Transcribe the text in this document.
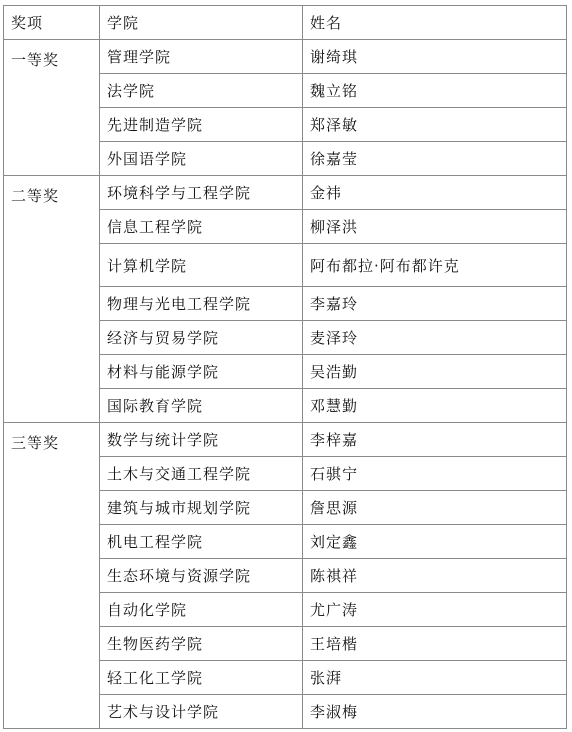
奖项	学院	姓名
一等奖	管理学院	谢绮琪
	法学院	魏立铭
	先进制造学院	郑泽敏
	外国语学院	徐嘉莹
二等奖	环境科学与工程学院	金祎
	信息工程学院	柳泽洪
	计算机学院	阿布都拉·阿布都许克
	物理与光电工程学院	李嘉玲
	经济与贸易学院	麦泽玲
	材料与能源学院	吴浩勤
	国际教育学院	邓慧勤
三等奖	数学与统计学院	李梓嘉
	土木与交通工程学院	石骐宁
	建筑与城市规划学院	詹思源
	机电工程学院	刘定鑫
	生态环境与资源学院	陈祺祥
	自动化学院	尤广涛
	生物医药学院	王培楷
	轻工化工学院	张湃
	艺术与设计学院	李淑梅
